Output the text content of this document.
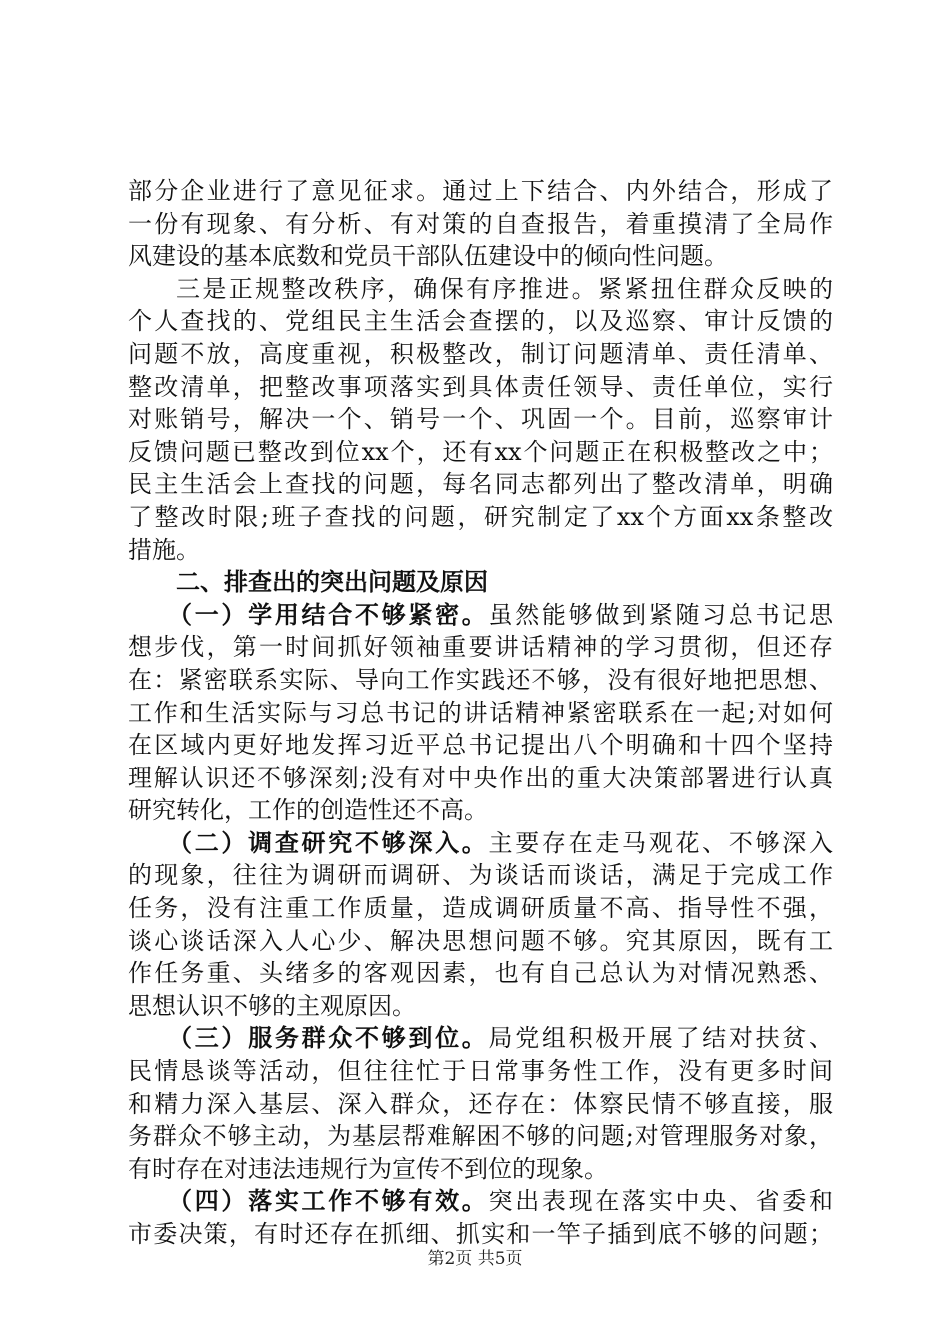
部分企业进行了意见征求。通过上下结合、内外结合，形成了
一份有现象、有分析、有对策的自查报告，着重摸清了全局作
风建设的基本底数和党员干部队伍建设中的倾向性问题。
三是正规整改秩序，确保有序推进。紧紧扭住群众反映的
个人查找的、党组民主生活会查摆的，以及巡察、审计反馈的
问题不放，高度重视，积极整改，制订问题清单、责任清单、
整改清单，把整改事项落实到具体责任领导、责任单位，实行
对账销号，解决一个、销号一个、巩固一个。目前，巡察审计
反馈问题已整改到位xx个，还有xx个问题正在积极整改之中；
民主生活会上查找的问题，每名同志都列出了整改清单，明确
了整改时限;班子查找的问题，研究制定了xx个方面xx条整改
措施。
二、排查出的突出问题及原因
（一）学用结合不够紧密。虽然能够做到紧随习总书记思
想步伐，第一时间抓好领袖重要讲话精神的学习贯彻，但还存
在：紧密联系实际、导向工作实践还不够，没有很好地把思想、
工作和生活实际与习总书记的讲话精神紧密联系在一起;对如何
在区域内更好地发挥习近平总书记提出八个明确和十四个坚持
理解认识还不够深刻;没有对中央作出的重大决策部署进行认真
研究转化，工作的创造性还不高。
（二）调查研究不够深入。主要存在走马观花、不够深入
的现象，往往为调研而调研、为谈话而谈话，满足于完成工作
任务，没有注重工作质量，造成调研质量不高、指导性不强，
谈心谈话深入人心少、解决思想问题不够。究其原因，既有工
作任务重、头绪多的客观因素，也有自己总认为对情况熟悉、
思想认识不够的主观原因。
（三）服务群众不够到位。局党组积极开展了结对扶贫、
民情恳谈等活动，但往往忙于日常事务性工作，没有更多时间
和精力深入基层、深入群众，还存在：体察民情不够直接，服
务群众不够主动，为基层帮难解困不够的问题;对管理服务对象，
有时存在对违法违规行为宣传不到位的现象。
（四）落实工作不够有效。突出表现在落实中央、省委和
市委决策，有时还存在抓细、抓实和一竿子插到底不够的问题；
第2页 共5页
